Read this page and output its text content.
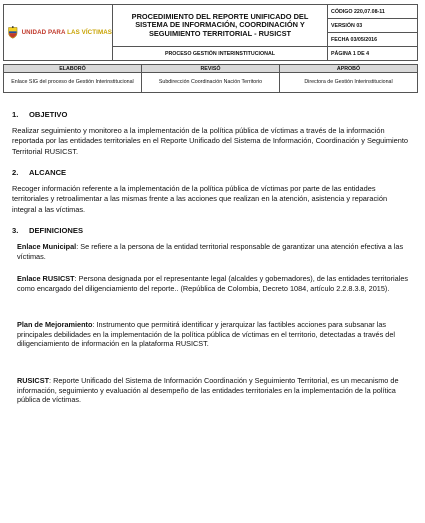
UNIDAD PARA LAS VÍCTIMAS	PROCEDIMIENTO DEL REPORTE UNIFICADO DEL SISTEMA DE INFORMACIÓN, COORDINACIÓN Y SEGUIMIENTO TERRITORIAL - RUSICST	CÓDIGO 220,07.08-11
		VERSIÓN 03
		FECHA 03/05/2016

	PROCESO GESTIÓN INTERINSTITUCIONAL	PÁGINA 1 DE 4
ELABORÓ	REVISÓ	APROBÓ
Enlace SIG del proceso de Gestión Interinstitucional	Subdirección Coordinación Nación Territorio	Directora de Gestión Interinstitucional
1. OBJETIVO

Realizar seguimiento y monitoreo a la implementación de la política pública de víctimas a través de la información reportada por las entidades territoriales en el Reporte Unificado del Sistema de Información, Coordinación y Seguimiento Territorial RUSICST.

2. ALCANCE

Recoger información referente a la implementación de la política pública de víctimas por parte de las entidades territoriales y retroalimentar a las mismas frente a las acciones que realizan en la atención, asistencia y reparación integral a las víctimas.

3. DEFINICIONES

Enlace Municipal: Se refiere a la persona de la entidad territorial responsable de garantizar una atención efectiva a las víctimas.

Enlace RUSICST: Persona designada por el representante legal (alcaldes y gobernadores), de las entidades territoriales como encargado del diligenciamiento del reporte.. (República de Colombia, Decreto 1084, artículo 2.2.8.3.8, 2015).

Plan de Mejoramiento: Instrumento que permitirá identificar y jerarquizar las factibles acciones para subsanar las principales debilidades en la implementación de la política pública de víctimas en el territorio, detectadas a través del diligenciamiento de información en la plataforma RUSICST.

RUSICST: Reporte Unificado del Sistema de Información Coordinación y Seguimiento Territorial, es un mecanismo de información, seguimiento y evaluación al desempeño de las entidades territoriales en la implementación de la política pública de víctimas.
